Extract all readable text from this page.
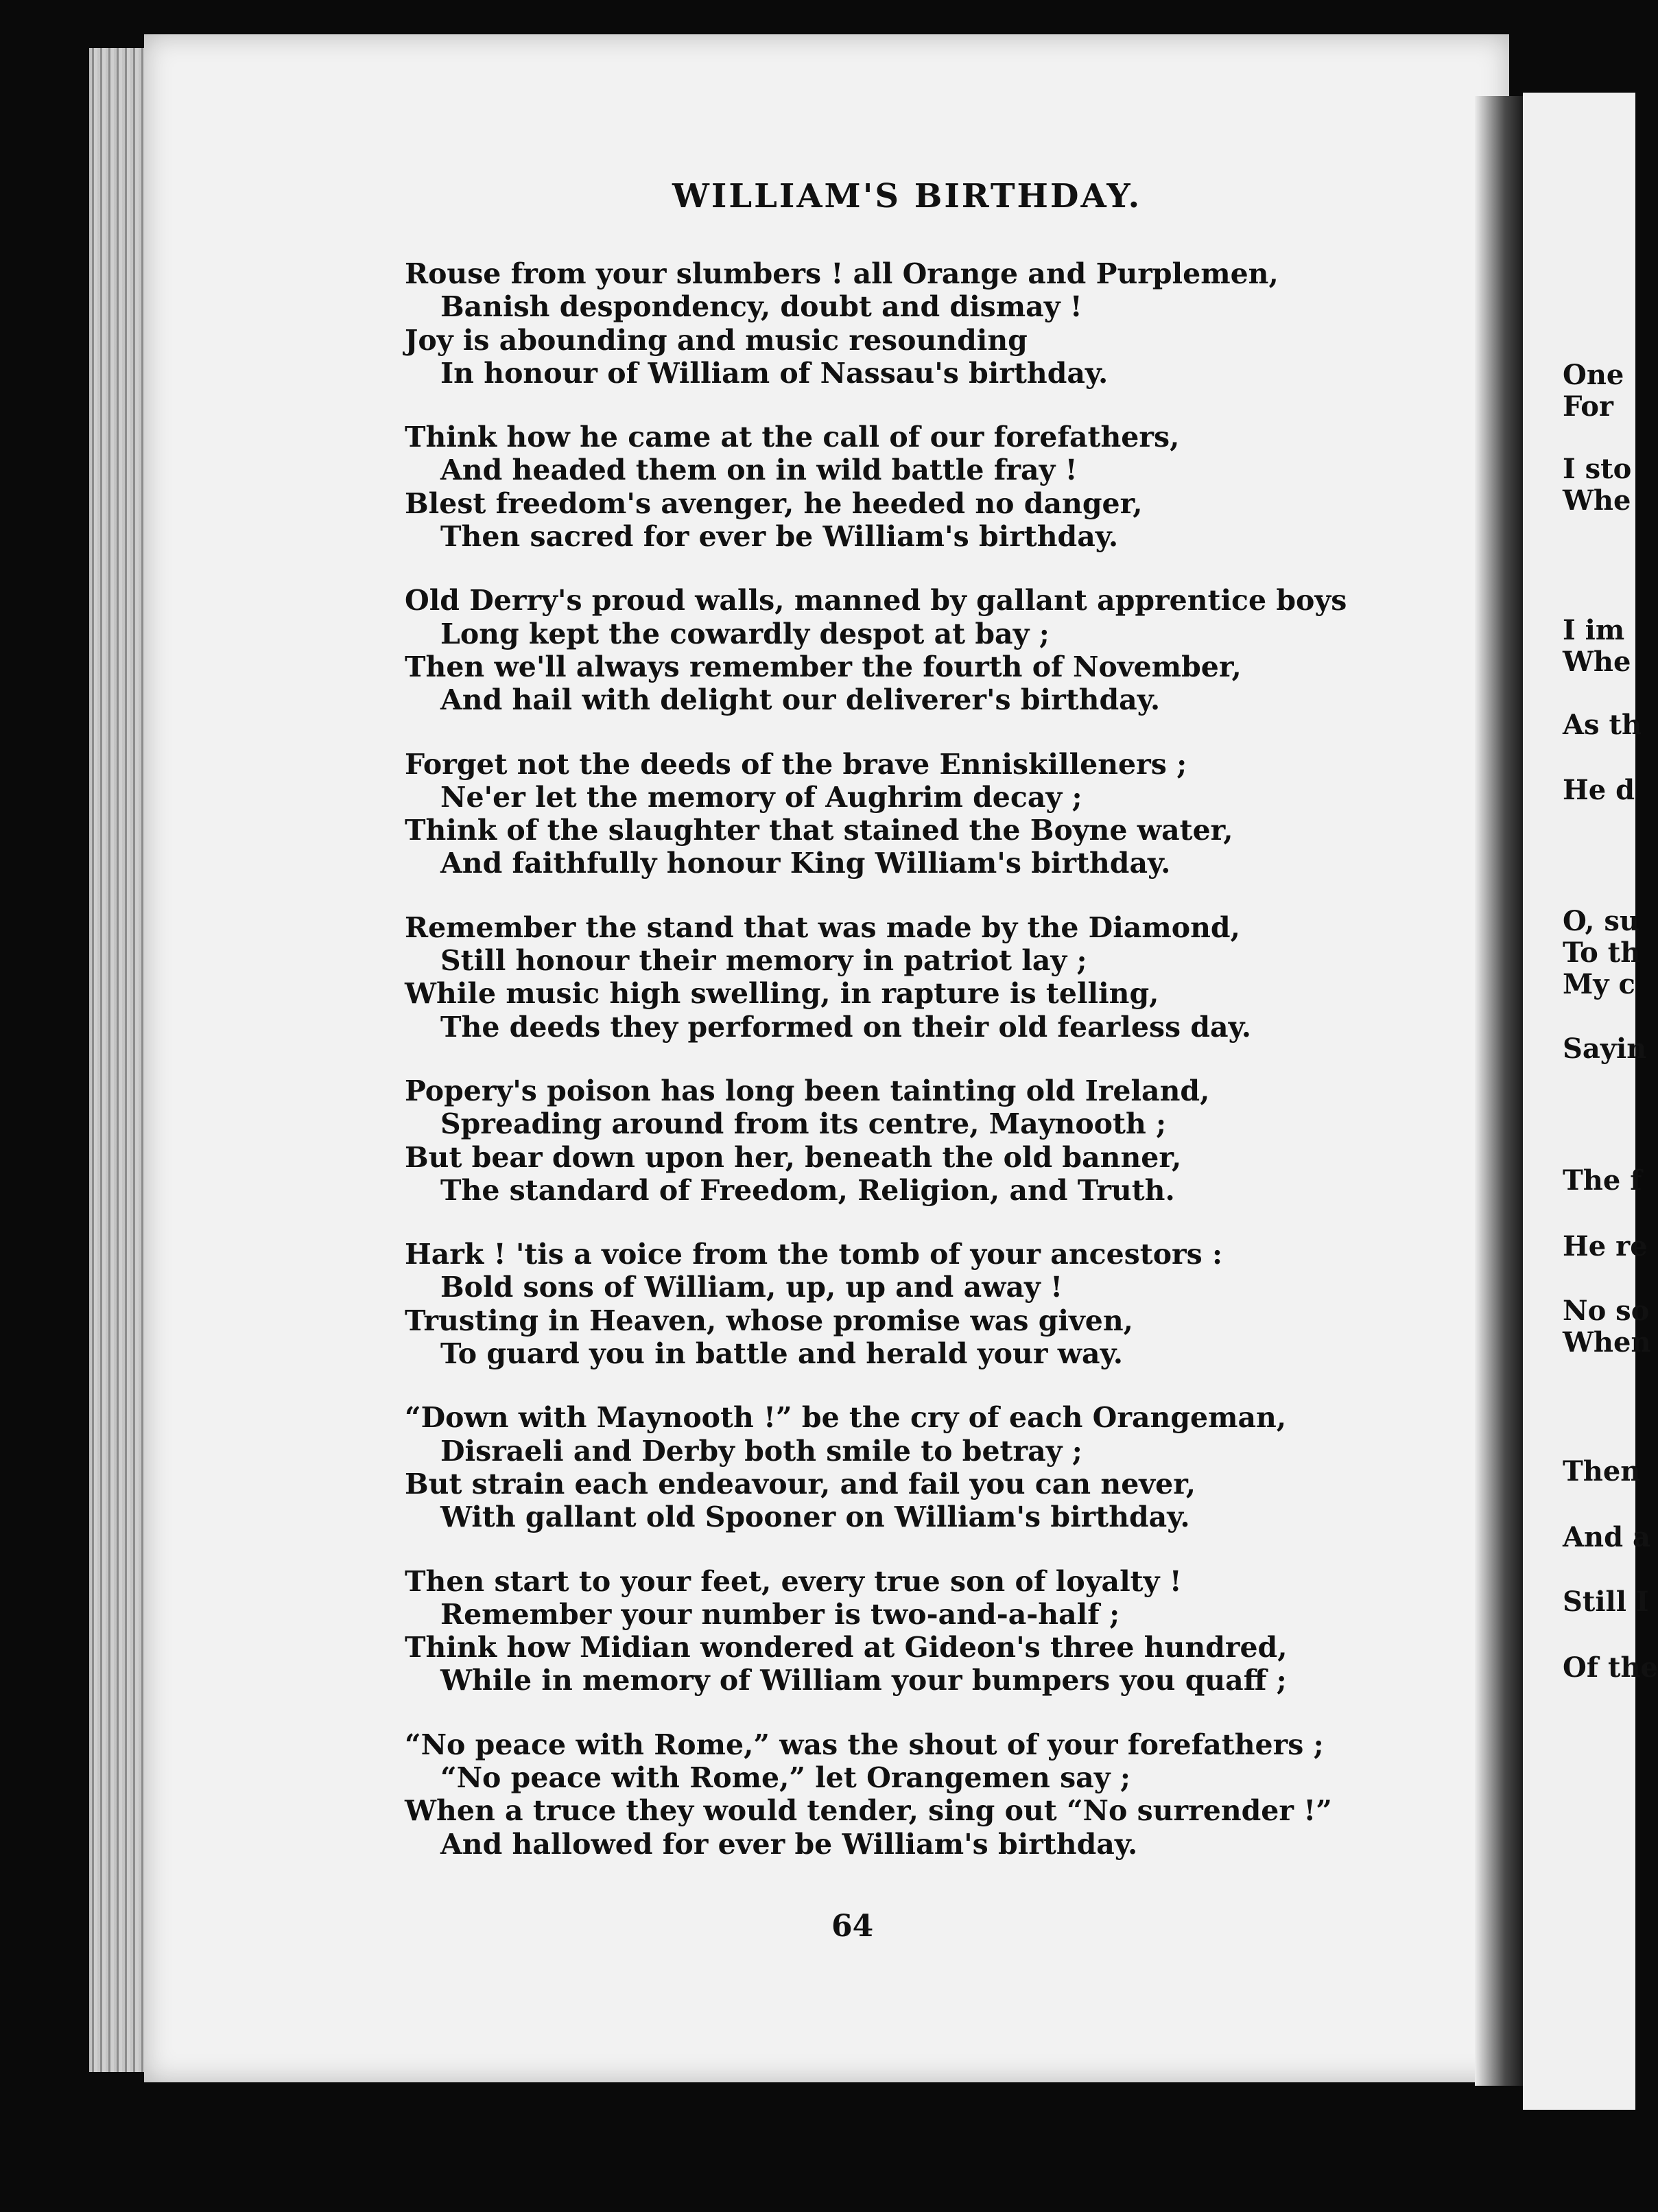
WILLIAM'S BIRTHDAY.
Rouse from your slumbers ! all Orange and Purplemen,
Banish despondency, doubt and dismay !
Joy is abounding and music resounding
In honour of William of Nassau's birthday.
Think how he came at the call of our forefathers,
And headed them on in wild battle fray !
Blest freedom's avenger, he heeded no danger,
Then sacred for ever be William's birthday.
Old Derry's proud walls, manned by gallant apprentice boys
Long kept the cowardly despot at bay ;
Then we'll always remember the fourth of November,
And hail with delight our deliverer's birthday.
Forget not the deeds of the brave Enniskilleners ;
Ne'er let the memory of Aughrim decay ;
Think of the slaughter that stained the Boyne water,
And faithfully honour King William's birthday.
Remember the stand that was made by the Diamond,
Still honour their memory in patriot lay ;
While music high swelling, in rapture is telling,
The deeds they performed on their old fearless day.
Popery's poison has long been tainting old Ireland,
Spreading around from its centre, Maynooth ;
But bear down upon her, beneath the old banner,
The standard of Freedom, Religion, and Truth.
Hark ! 'tis a voice from the tomb of your ancestors :
Bold sons of William, up, up and away !
Trusting in Heaven, whose promise was given,
To guard you in battle and herald your way.
“Down with Maynooth !” be the cry of each Orangeman,
Disraeli and Derby both smile to betray ;
But strain each endeavour, and fail you can never,
With gallant old Spooner on William's birthday.
Then start to your feet, every true son of loyalty !
Remember your number is two-and-a-half ;
Think how Midian wondered at Gideon's three hundred,
While in memory of William your bumpers you quaff ;
“No peace with Rome,” was the shout of your forefathers ;
“No peace with Rome,” let Orangemen say ;
When a truce they would tender, sing out “No surrender !”
And hallowed for ever be William's birthday.
64
One
For
I sto
Whe
I im
Whe
As th
He d
O, su
To th
My c
Sayin
The f
He re
No so
When
Then
And a
Still I
Of the
